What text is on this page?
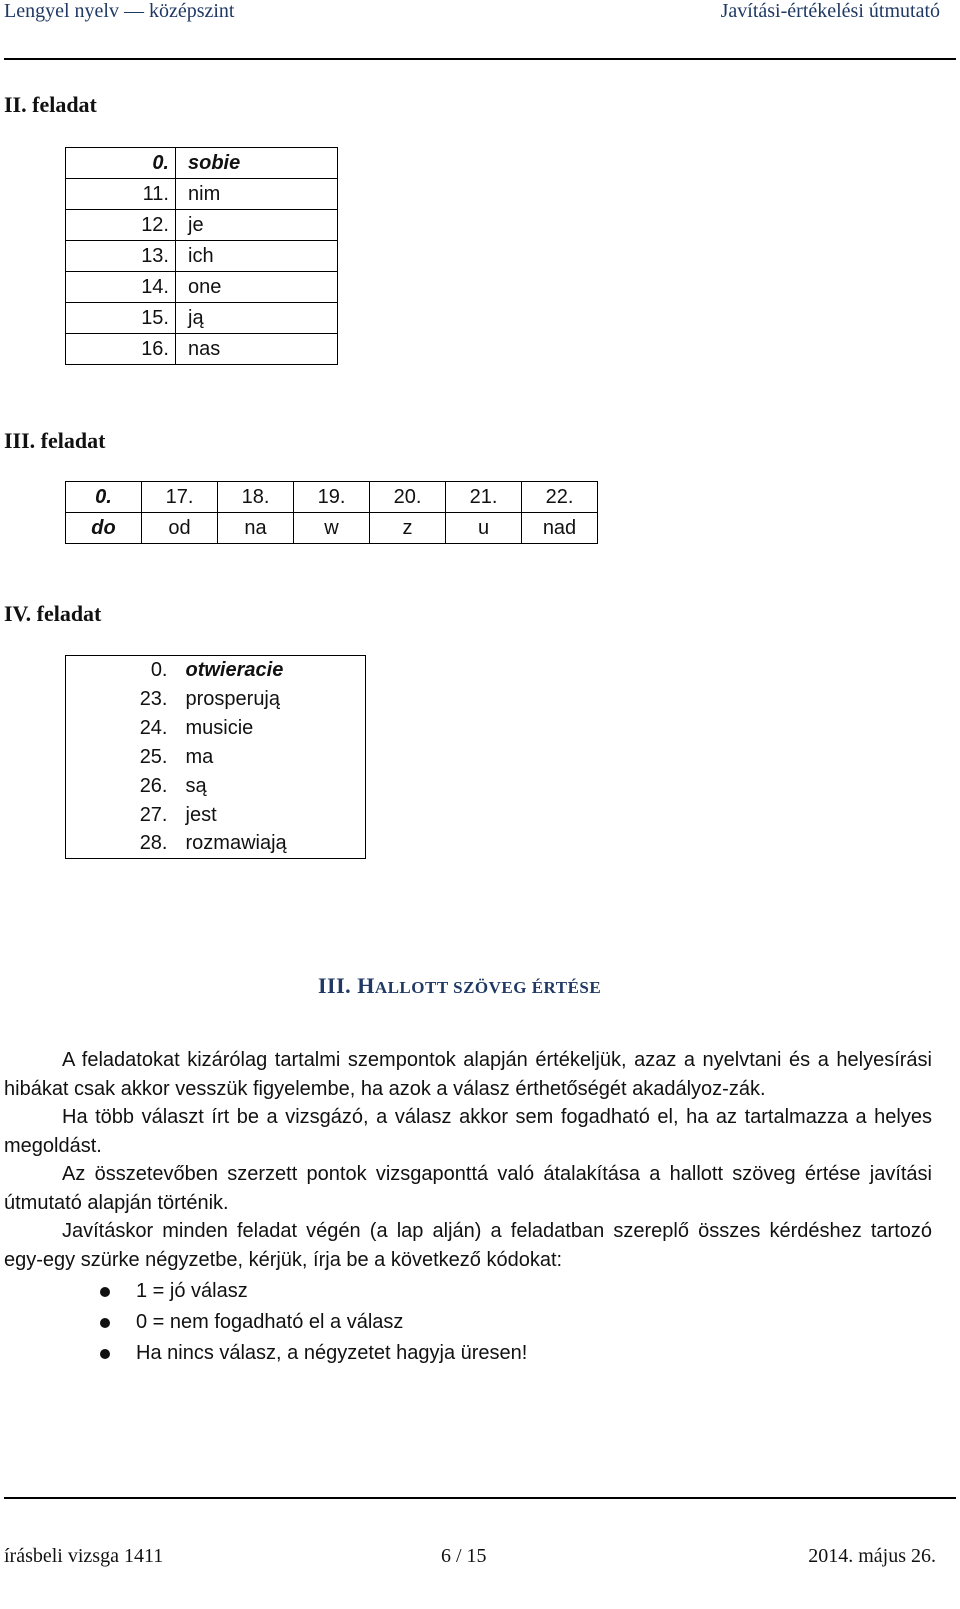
Lengyel nyelv — középszint	Javítási-értékelési útmutató
II. feladat
0.	sobie
11.	nim
12.	je
13.	ich
14.	one
15.	ją
16.	nas
III. feladat
0.	17.	18.	19.	20.	21.	22.
do	od	na	w	z	u	nad
IV. feladat
0.	otwieracie
23.	prosperują
24.	musicie
25.	ma
26.	są
27.	jest
28.	rozmawiają
III. HALLOTT SZÖVEG ÉRTÉSE

A feladatokat kizárólag tartalmi szempontok alapján értékeljük, azaz a nyelvtani és a helyesírási hibákat csak akkor vesszük figyelembe, ha azok a válasz érthetőségét akadályoz-zák.

Ha több választ írt be a vizsgázó, a válasz akkor sem fogadható el, ha az tartalmazza a helyes megoldást.

Az összetevőben szerzett pontok vizsgaponttá való átalakítása a hallott szöveg értése javítási útmutató alapján történik.

Javításkor minden feladat végén (a lap alján) a feladatban szereplő összes kérdéshez tartozó egy-egy szürke négyzetbe, kérjük, írja be a következő kódokat:

1 = jó válasz
0 = nem fogadható el a válasz
Ha nincs válasz, a négyzetet hagyja üresen!
írásbeli vizsga 1411	6 / 15	2014. május 26.
